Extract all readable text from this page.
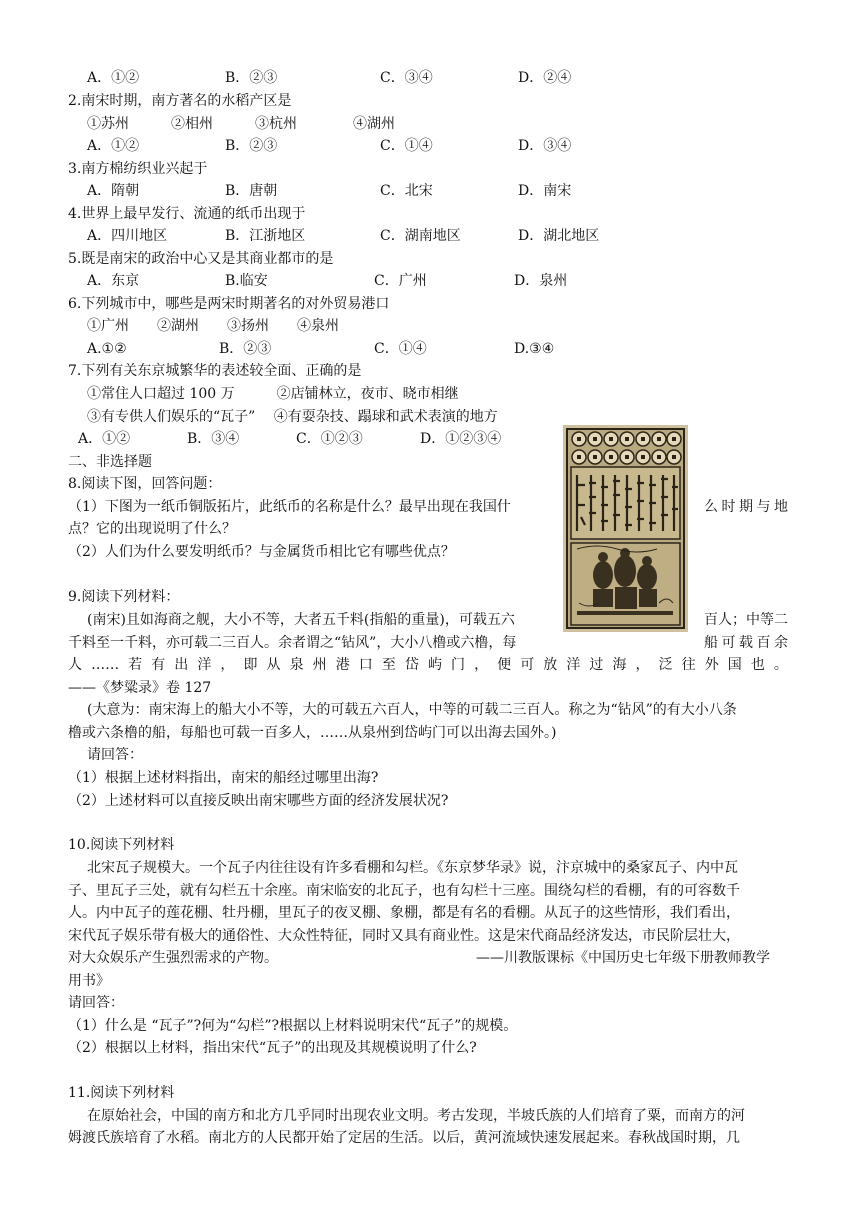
A．①②	B．②③	C．③④	D．②④
2.南宋时期，南方著名的水稻产区是
①苏州　　　②相州　　　③杭州　　　　④湖州
A．①②	B．②③	C．①④	D．③④
3.南方棉纺织业兴起于
A．隋朝	B．唐朝	C．北宋	D．南宋
4.世界上最早发行、流通的纸币出现于
A．四川地区	B．江浙地区	C．湖南地区	D．湖北地区
5.既是南宋的政治中心又是其商业都市的是
A．东京	B.临安	C．广州	D．泉州
6.下列城市中，哪些是两宋时期著名的对外贸易港口
①广州　　②湖州　　③扬州　　④泉州
A.①②	B．②③	C．①④	D.③④
7.下列有关东京城繁华的表述较全面、正确的是
①常住人口超过 100 万　　　②店铺林立，夜市、晓市相继
③有专供人们娱乐的“瓦子”　 ④有耍杂技、蹋球和武术表演的地方
A．①②	B．③④	C．①②③	D．①②③④
二、非选择题
8.阅读下图，回答问题：
（1）下图为一纸币铜版拓片，此纸币的名称是什么？最早出现在我国什	么 时 期 与 地
点？它的出现说明了什么？
（2）人们为什么要发明纸币？与金属货币相比它有哪些优点？
9.阅读下列材料：
(南宋)且如海商之舰，大小不等，大者五千料(指船的重量)，可载五六	百人；中等二
千料至一千料，亦可载二三百人。余者谓之“钻风”，大小八橹或六橹，每	船 可 载 百 余
人 …… 若 有 出 洋 ， 即 从 泉 州 港 口 至 岱 屿 门 ， 便 可 放 洋 过 海 ， 泛 往 外 国 也 。
——《梦粱录》卷 127
(大意为：南宋海上的船大小不等，大的可载五六百人，中等的可载二三百人。称之为“钻风”的有大小八条
橹或六条橹的船，每船也可载一百多人，……从泉州到岱屿门可以出海去国外。)
请回答：
（1）根据上述材料指出，南宋的船经过哪里出海?
（2）上述材料可以直接反映出南宋哪些方面的经济发展状况?
10.阅读下列材料
北宋瓦子规模大。一个瓦子内往往设有许多看棚和勾栏。《东京梦华录》说，汴京城中的桑家瓦子、内中瓦
子、里瓦子三处，就有勾栏五十余座。南宋临安的北瓦子，也有勾栏十三座。围绕勾栏的看棚，有的可容数千
人。内中瓦子的莲花棚、牡丹棚，里瓦子的夜叉棚、象棚，都是有名的看棚。从瓦子的这些情形，我们看出，
宋代瓦子娱乐带有极大的通俗性、大众性特征，同时又具有商业性。这是宋代商品经济发达，市民阶层壮大，
对大众娱乐产生强烈需求的产物。	——川教版课标《中国历史七年级下册教师教学
用书》
请回答：
（1）什么是 “瓦子”?何为“勾栏”?根据以上材料说明宋代“瓦子”的规模。
（2）根据以上材料，指出宋代“瓦子”的出现及其规模说明了什么?
11.阅读下列材料
在原始社会，中国的南方和北方几乎同时出现农业文明。考古发现，半坡氏族的人们培育了粟，而南方的河
姆渡氏族培育了水稻。南北方的人民都开始了定居的生活。以后，黄河流域快速发展起来。春秋战国时期，几
